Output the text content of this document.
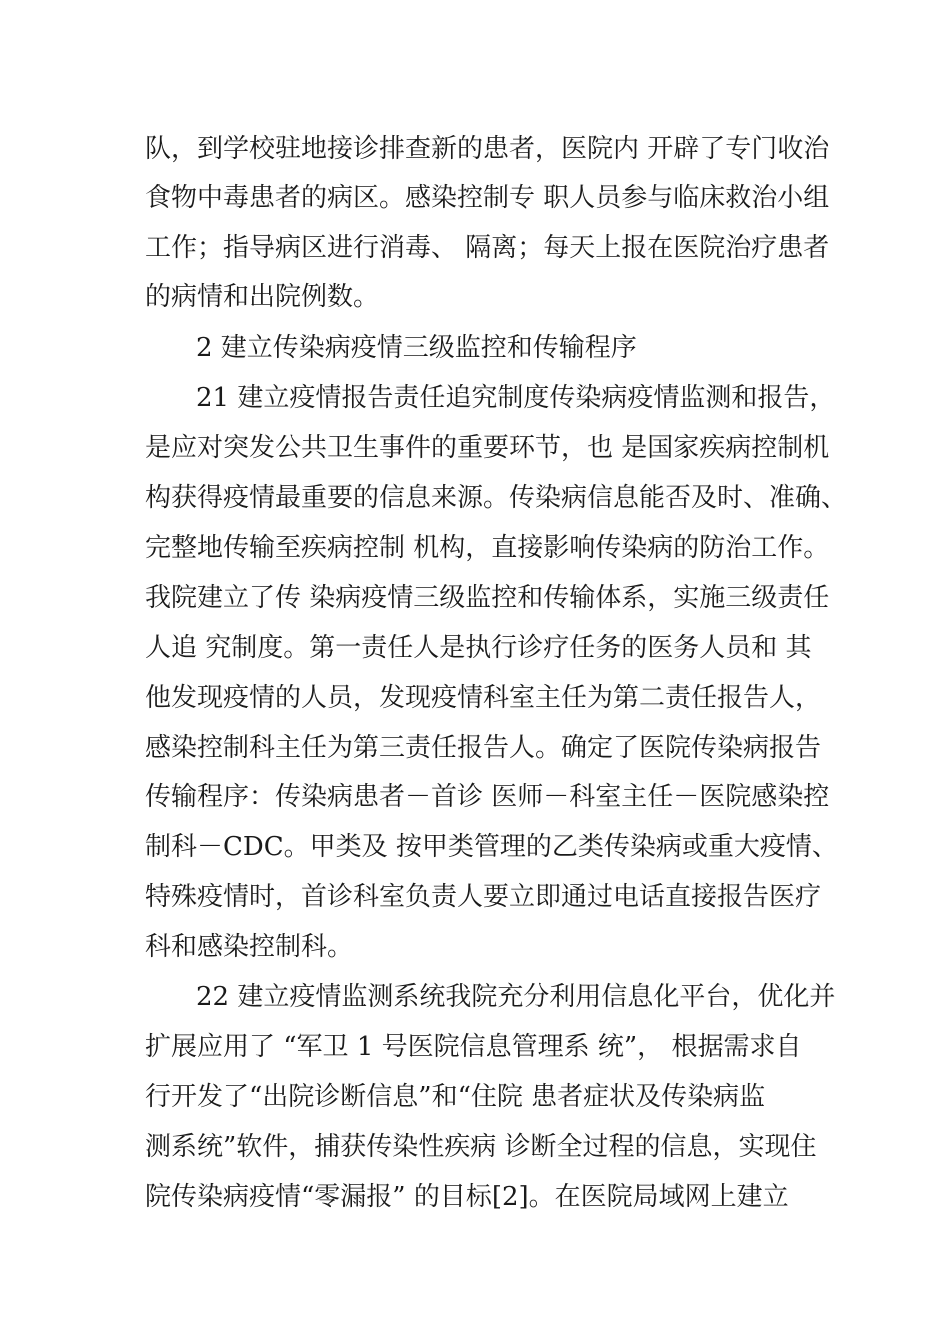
队，到学校驻地接诊排查新的患者，医院内 开辟了专门收治
食物中毒患者的病区。感染控制专 职人员参与临床救治小组
工作；指导病区进行消毒、 隔离；每天上报在医院治疗患者
的病情和出院例数。
2 建立传染病疫情三级监控和传输程序
21 建立疫情报告责任追究制度传染病疫情监测和报告，
是应对突发公共卫生事件的重要环节，也 是国家疾病控制机
构获得疫情最重要的信息来源。传染病信息能否及时、准确、
完整地传输至疾病控制 机构，直接影响传染病的防治工作。
我院建立了传 染病疫情三级监控和传输体系，实施三级责任
人追 究制度。第一责任人是执行诊疗任务的医务人员和 其
他发现疫情的人员，发现疫情科室主任为第二责任报告人，
感染控制科主任为第三责任报告人。确定了医院传染病报告
传输程序：传染病患者－首诊 医师－科室主任－医院感染控
制科－CDC。甲类及 按甲类管理的乙类传染病或重大疫情、
特殊疫情时，首诊科室负责人要立即通过电话直接报告医疗
科和感染控制科。
22 建立疫情监测系统我院充分利用信息化平台，优化并
扩展应用了 “军卫 1 号医院信息管理系 统”， 根据需求自
行开发了“出院诊断信息”和“住院 患者症状及传染病监
测系统”软件，捕获传染性疾病 诊断全过程的信息，实现住
院传染病疫情“零漏报” 的目标[2]。在医院局域网上建立
